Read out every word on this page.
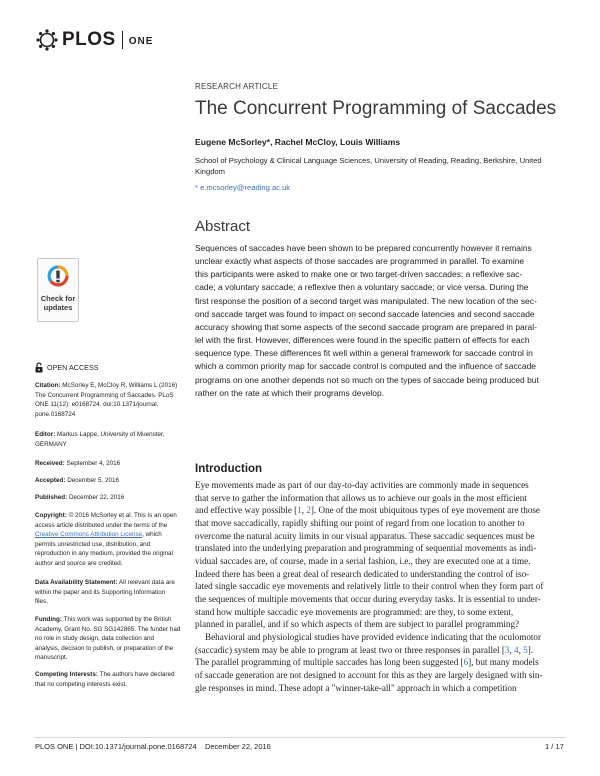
PLOS ONE
RESEARCH ARTICLE
The Concurrent Programming of Saccades
Eugene McSorley*, Rachel McCloy, Louis Williams
School of Psychology & Clinical Language Sciences, University of Reading, Reading, Berkshire, United
Kingdom
* e.mcsorley@reading.ac.uk
Check for
updates
Abstract
Sequences of saccades have been shown to be prepared concurrently however it remains
unclear exactly what aspects of those saccades are programmed in parallel. To examine
this participants were asked to make one or two target-driven saccades: a reflexive sac-
cade; a voluntary saccade; a reflexive then a voluntary saccade; or vice versa. During the
first response the position of a second target was manipulated. The new location of the sec-
ond saccade target was found to impact on second saccade latencies and second saccade
accuracy showing that some aspects of the second saccade program are prepared in paral-
lel with the first. However, differences were found in the specific pattern of effects for each
sequence type. These differences fit well within a general framework for saccade control in
which a common priority map for saccade control is computed and the influence of saccade
programs on one another depends not so much on the types of saccade being produced but
rather on the rate at which their programs develop.
OPEN ACCESS
Citation: McSorley E, McCloy R, Williams L (2016)
The Concurrent Programming of Saccades. PLoS
ONE 11(12): e0168724. doi:10.1371/journal.
pone.0168724
Editor: Markus Lappe, University of Muenster,
GERMANY
Received: September 4, 2016
Accepted: December 5, 2016
Published: December 22, 2016
Copyright: © 2016 McSorley et al. This is an open
access article distributed under the terms of the
Creative Commons Attribution License, which
permits unrestricted use, distribution, and
reproduction in any medium, provided the original
author and source are credited.
Data Availability Statement: All relevant data are
within the paper and its Supporting Information
files.
Funding: This work was supported by the British
Academy, Grant No. SG SG142865. The funder had
no role in study design, data collection and
analysis, decision to publish, or preparation of the
manuscript.
Competing Interests: The authors have declared
that no competing interests exist.
Introduction
Eye movements made as part of our day-to-day activities are commonly made in sequences
that serve to gather the information that allows us to achieve our goals in the most efficient
and effective way possible [1, 2]. One of the most ubiquitous types of eye movement are those
that move saccadically, rapidly shifting our point of regard from one location to another to
overcome the natural acuity limits in our visual apparatus. These saccadic sequences must be
translated into the underlying preparation and programming of sequential movements as indi-
vidual saccades are, of course, made in a serial fashion, i.e., they are executed one at a time.
Indeed there has been a great deal of research dedicated to understanding the control of iso-
lated single saccadic eye movements and relatively little to their control when they form part of
the sequences of multiple movements that occur during everyday tasks. It is essential to under-
stand how multiple saccadic eye movements are programmed: are they, to some extent,
planned in parallel, and if so which aspects of them are subject to parallel programming?
Behavioral and physiological studies have provided evidence indicating that the oculomotor
(saccadic) system may be able to program at least two or three responses in parallel [3, 4, 5].
The parallel programming of multiple saccades has long been suggested [6], but many models
of saccade generation are not designed to account for this as they are largely designed with sin-
gle responses in mind. These adopt a "winner-take-all" approach in which a competition
PLOS ONE | DOI:10.1371/journal.pone.0168724    December 22, 2016	1 / 17
